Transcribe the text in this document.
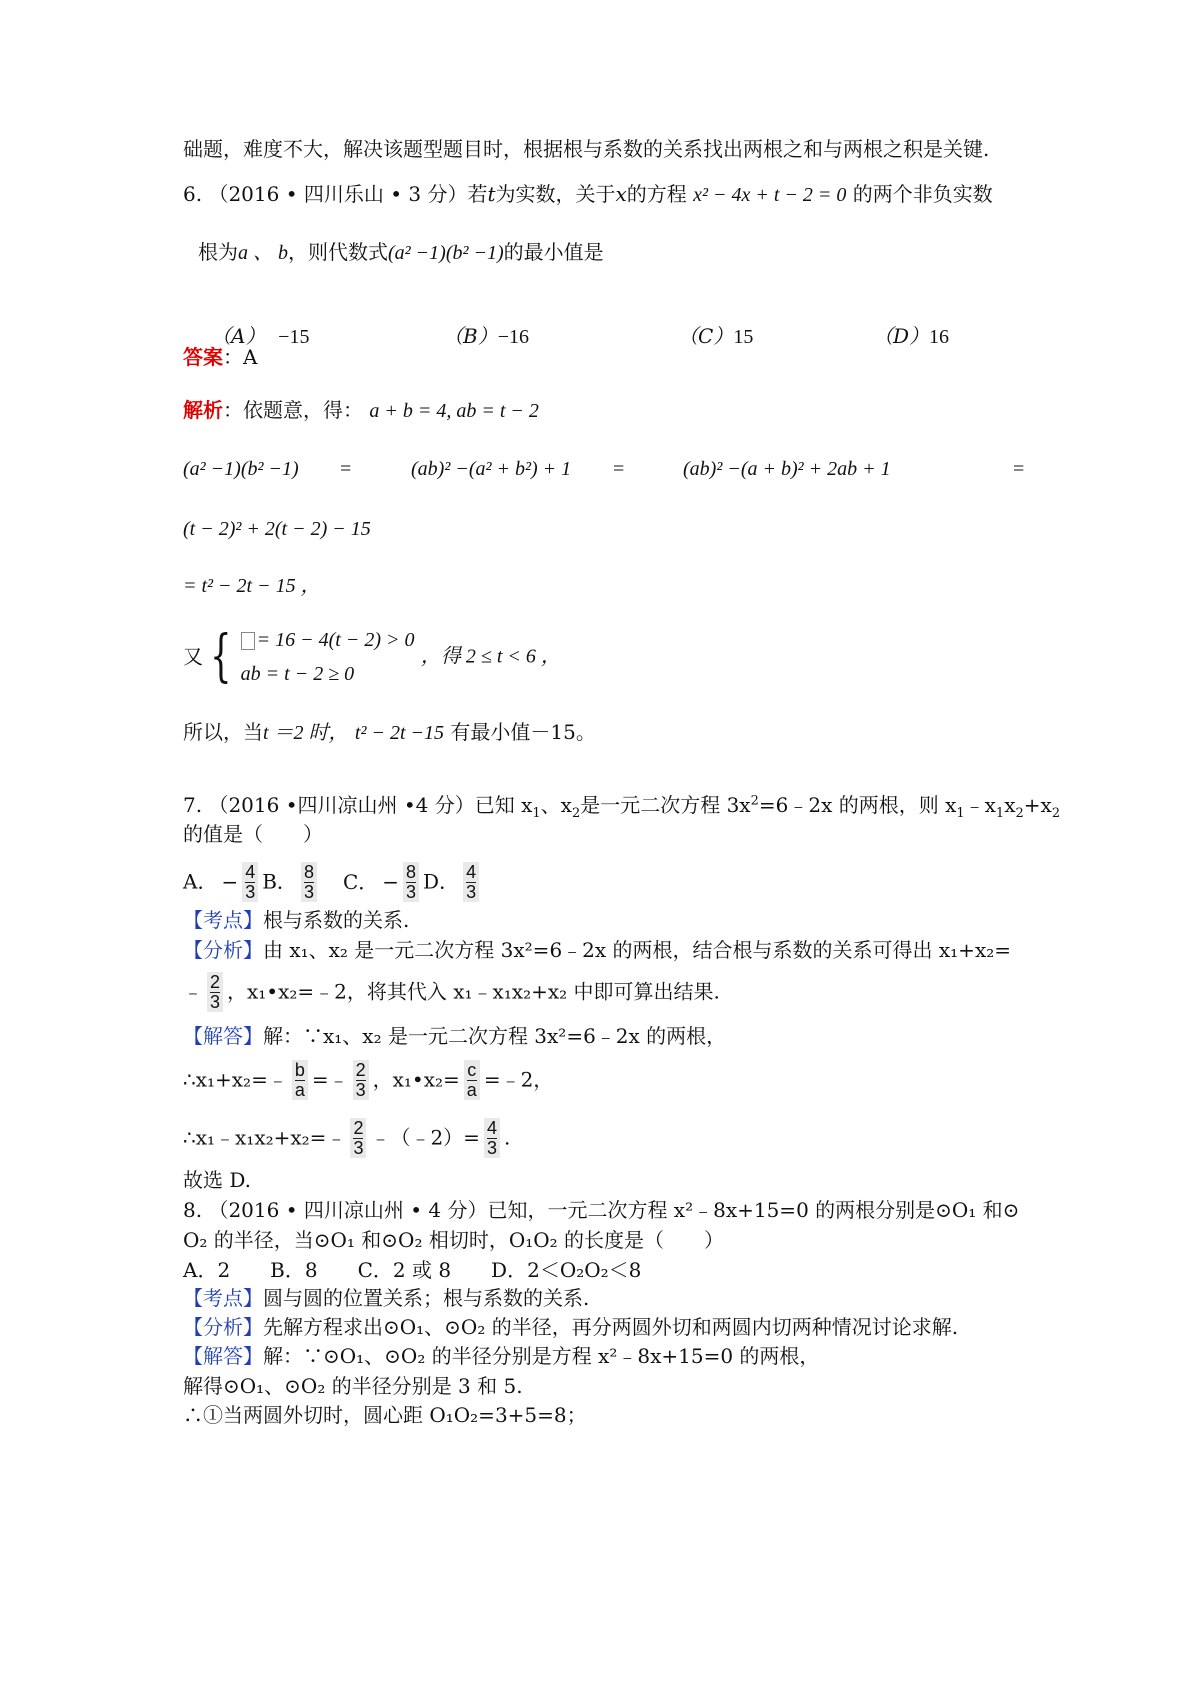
础题，难度不大，解决该题型题目时，根据根与系数的关系找出两根之和与两根之积是关键.
6. （2016 • 四川乐山 • 3 分）若t为实数，关于x的方程 x² − 4x + t − 2 = 0 的两个非负实数
根为a 、 b，则代数式(a² −1)(b² −1)的最小值是
（A） −15	（B）−16	（C）15	（D）16
答案：A
解析：依题意，得： a + b = 4, ab = t − 2
(a² −1)(b² −1) =	(ab)² −(a² + b²) + 1 =	(ab)² −(a + b)² + 2ab + 1	=
(t − 2)² + 2(t − 2) − 15
= t² − 2t − 15 ，
又 {	= 16 − 4(t − 2) > 0
ab = t − 2 ≥ 0
，得 2 ≤ t < 6 ，
所以，当t ＝2 时， t² − 2t −15 有最小值－15。
7. （2016 •四川凉山州 •4 分）已知 $x_1$、$x_2$是一元二次方程 $3x^2=6﹣2x$ 的两根，则 $x_1﹣x_1x_2+x_2$
的值是（　　）
A． − $\frac{4}{3}$ B． $\frac{8}{3}$ C． − $\frac{8}{3}$ D． $\frac{4}{3}$
【考点】根与系数的关系.
【分析】由 x₁、x₂ 是一元二次方程 3x²=6﹣2x 的两根，结合根与系数的关系可得出 x₁+x₂=
﹣ $\frac{2}{3}$ ，x₁•x₂=﹣2，将其代入 x₁﹣x₁x₂+x₂ 中即可算出结果.
【解答】解：∵x₁、x₂ 是一元二次方程 3x²=6﹣2x 的两根，
∴x₁+x₂=﹣ $\frac{b}{a}$ =﹣ $\frac{2}{3}$ ，x₁•x₂= $\frac{c}{a}$ =﹣2，
∴x₁﹣x₁x₂+x₂=﹣ $\frac{2}{3}$ ﹣（﹣2）= $\frac{4}{3}$ .
故选 D.
8. （2016 • 四川凉山州 • 4 分）已知，一元二次方程 x²﹣8x+15=0 的两根分别是⊙O₁ 和⊙
O₂ 的半径，当⊙O₁ 和⊙O₂ 相切时，O₁O₂ 的长度是（　　）
A．2　　B．8　　C．2 或 8　　D．2＜O₂O₂＜8
【考点】圆与圆的位置关系；根与系数的关系.
【分析】先解方程求出⊙O₁、⊙O₂ 的半径，再分两圆外切和两圆内切两种情况讨论求解.
【解答】解：∵⊙O₁、⊙O₂ 的半径分别是方程 x²﹣8x+15=0 的两根，
解得⊙O₁、⊙O₂ 的半径分别是 3 和 5.
∴①当两圆外切时，圆心距 O₁O₂=3+5=8；
